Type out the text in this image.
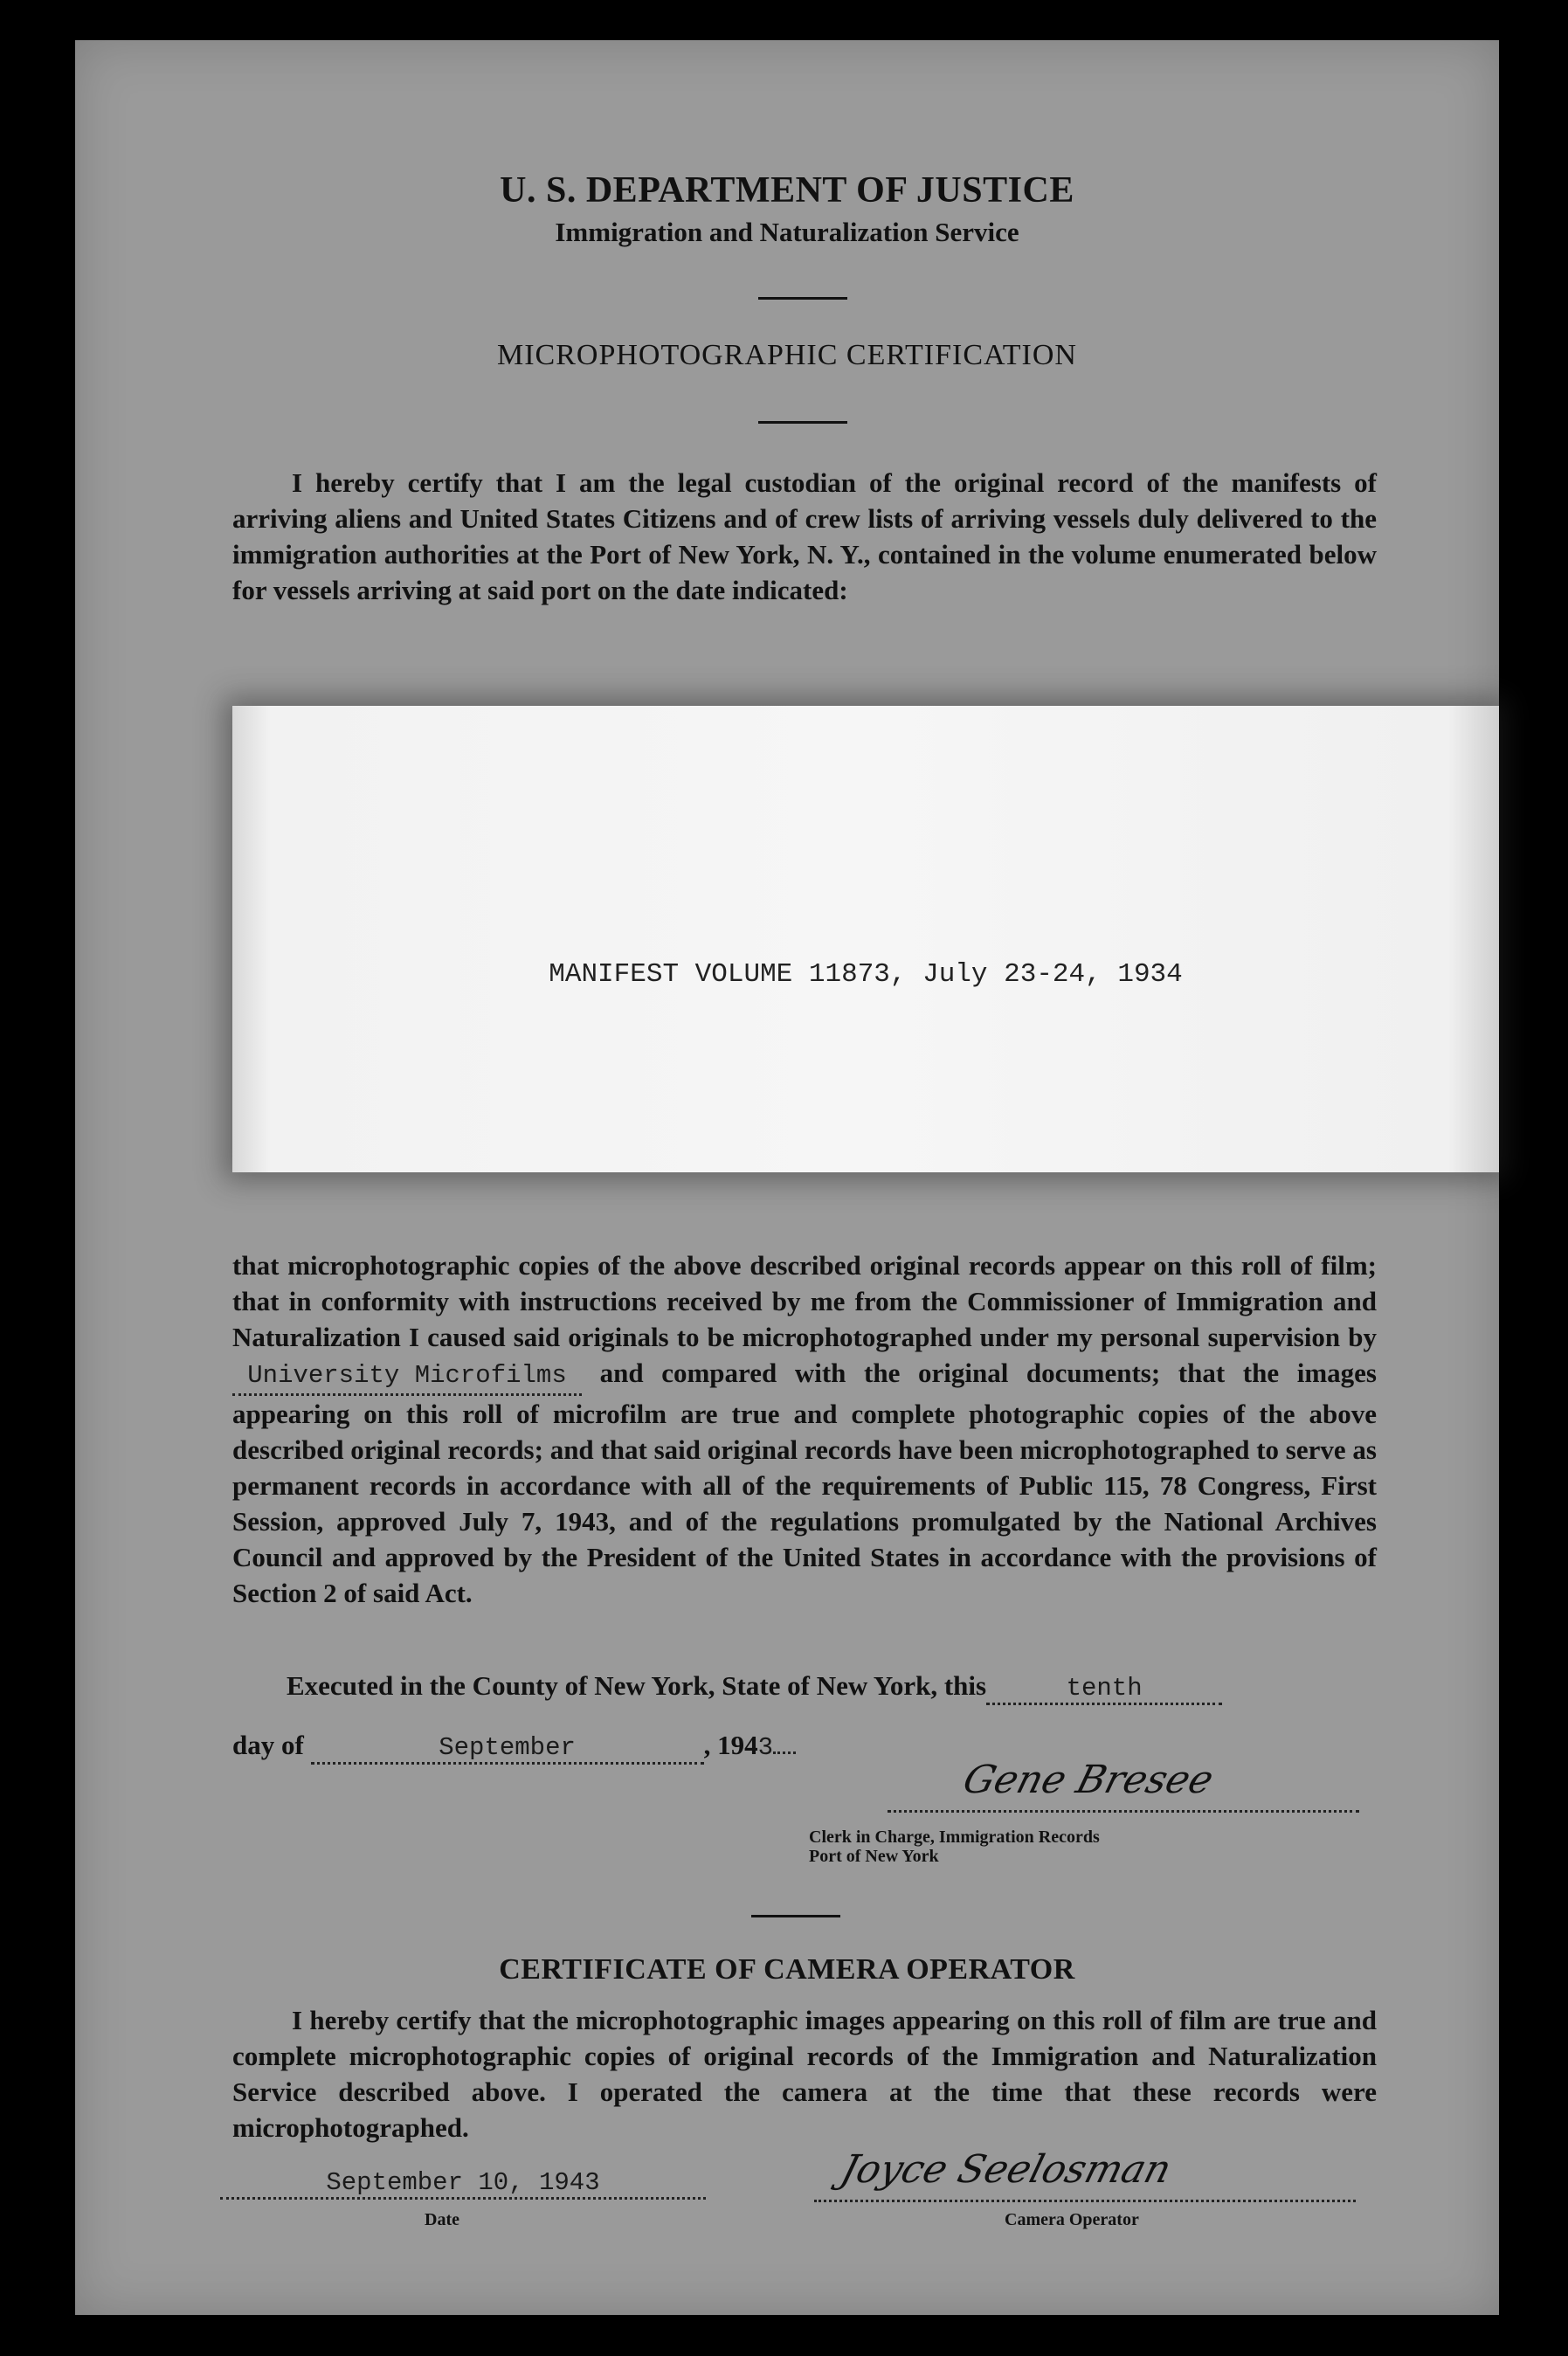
U. S. DEPARTMENT OF JUSTICE
Immigration and Naturalization Service
MICROPHOTOGRAPHIC CERTIFICATION
I hereby certify that I am the legal custodian of the original record of the manifests of arriving aliens and United States Citizens and of crew lists of arriving vessels duly delivered to the immigration authorities at the Port of New York, N. Y., contained in the volume enumerated below for vessels arriving at said port on the date indicated:
MANIFEST VOLUME 11873, July 23-24, 1934
that microphotographic copies of the above described original records appear on this roll of film; that in conformity with instructions received by me from the Commissioner of Immigration and Naturalization I caused said originals to be microphotographed under my personal supervision by University Microfilms and compared with the original documents; that the images appearing on this roll of microfilm are true and complete photographic copies of the above described original records; and that said original records have been microphotographed to serve as permanent records in accordance with all of the requirements of Public 115, 78 Congress, First Session, approved July 7, 1943, and of the regulations promulgated by the National Archives Council and approved by the President of the United States in accordance with the provisions of Section 2 of said Act.
Executed in the County of New York, State of New York, this	tenth
day of	September	, 1943
Gene Bresee
Clerk in Charge, Immigration Records
Port of New York
CERTIFICATE OF CAMERA OPERATOR
I hereby certify that the microphotographic images appearing on this roll of film are true and complete microphotographic copies of original records of the Immigration and Naturalization Service described above. I operated the camera at the time that these records were microphotographed.
September 10, 1943
Date
Joyce Seelosman
Camera Operator
